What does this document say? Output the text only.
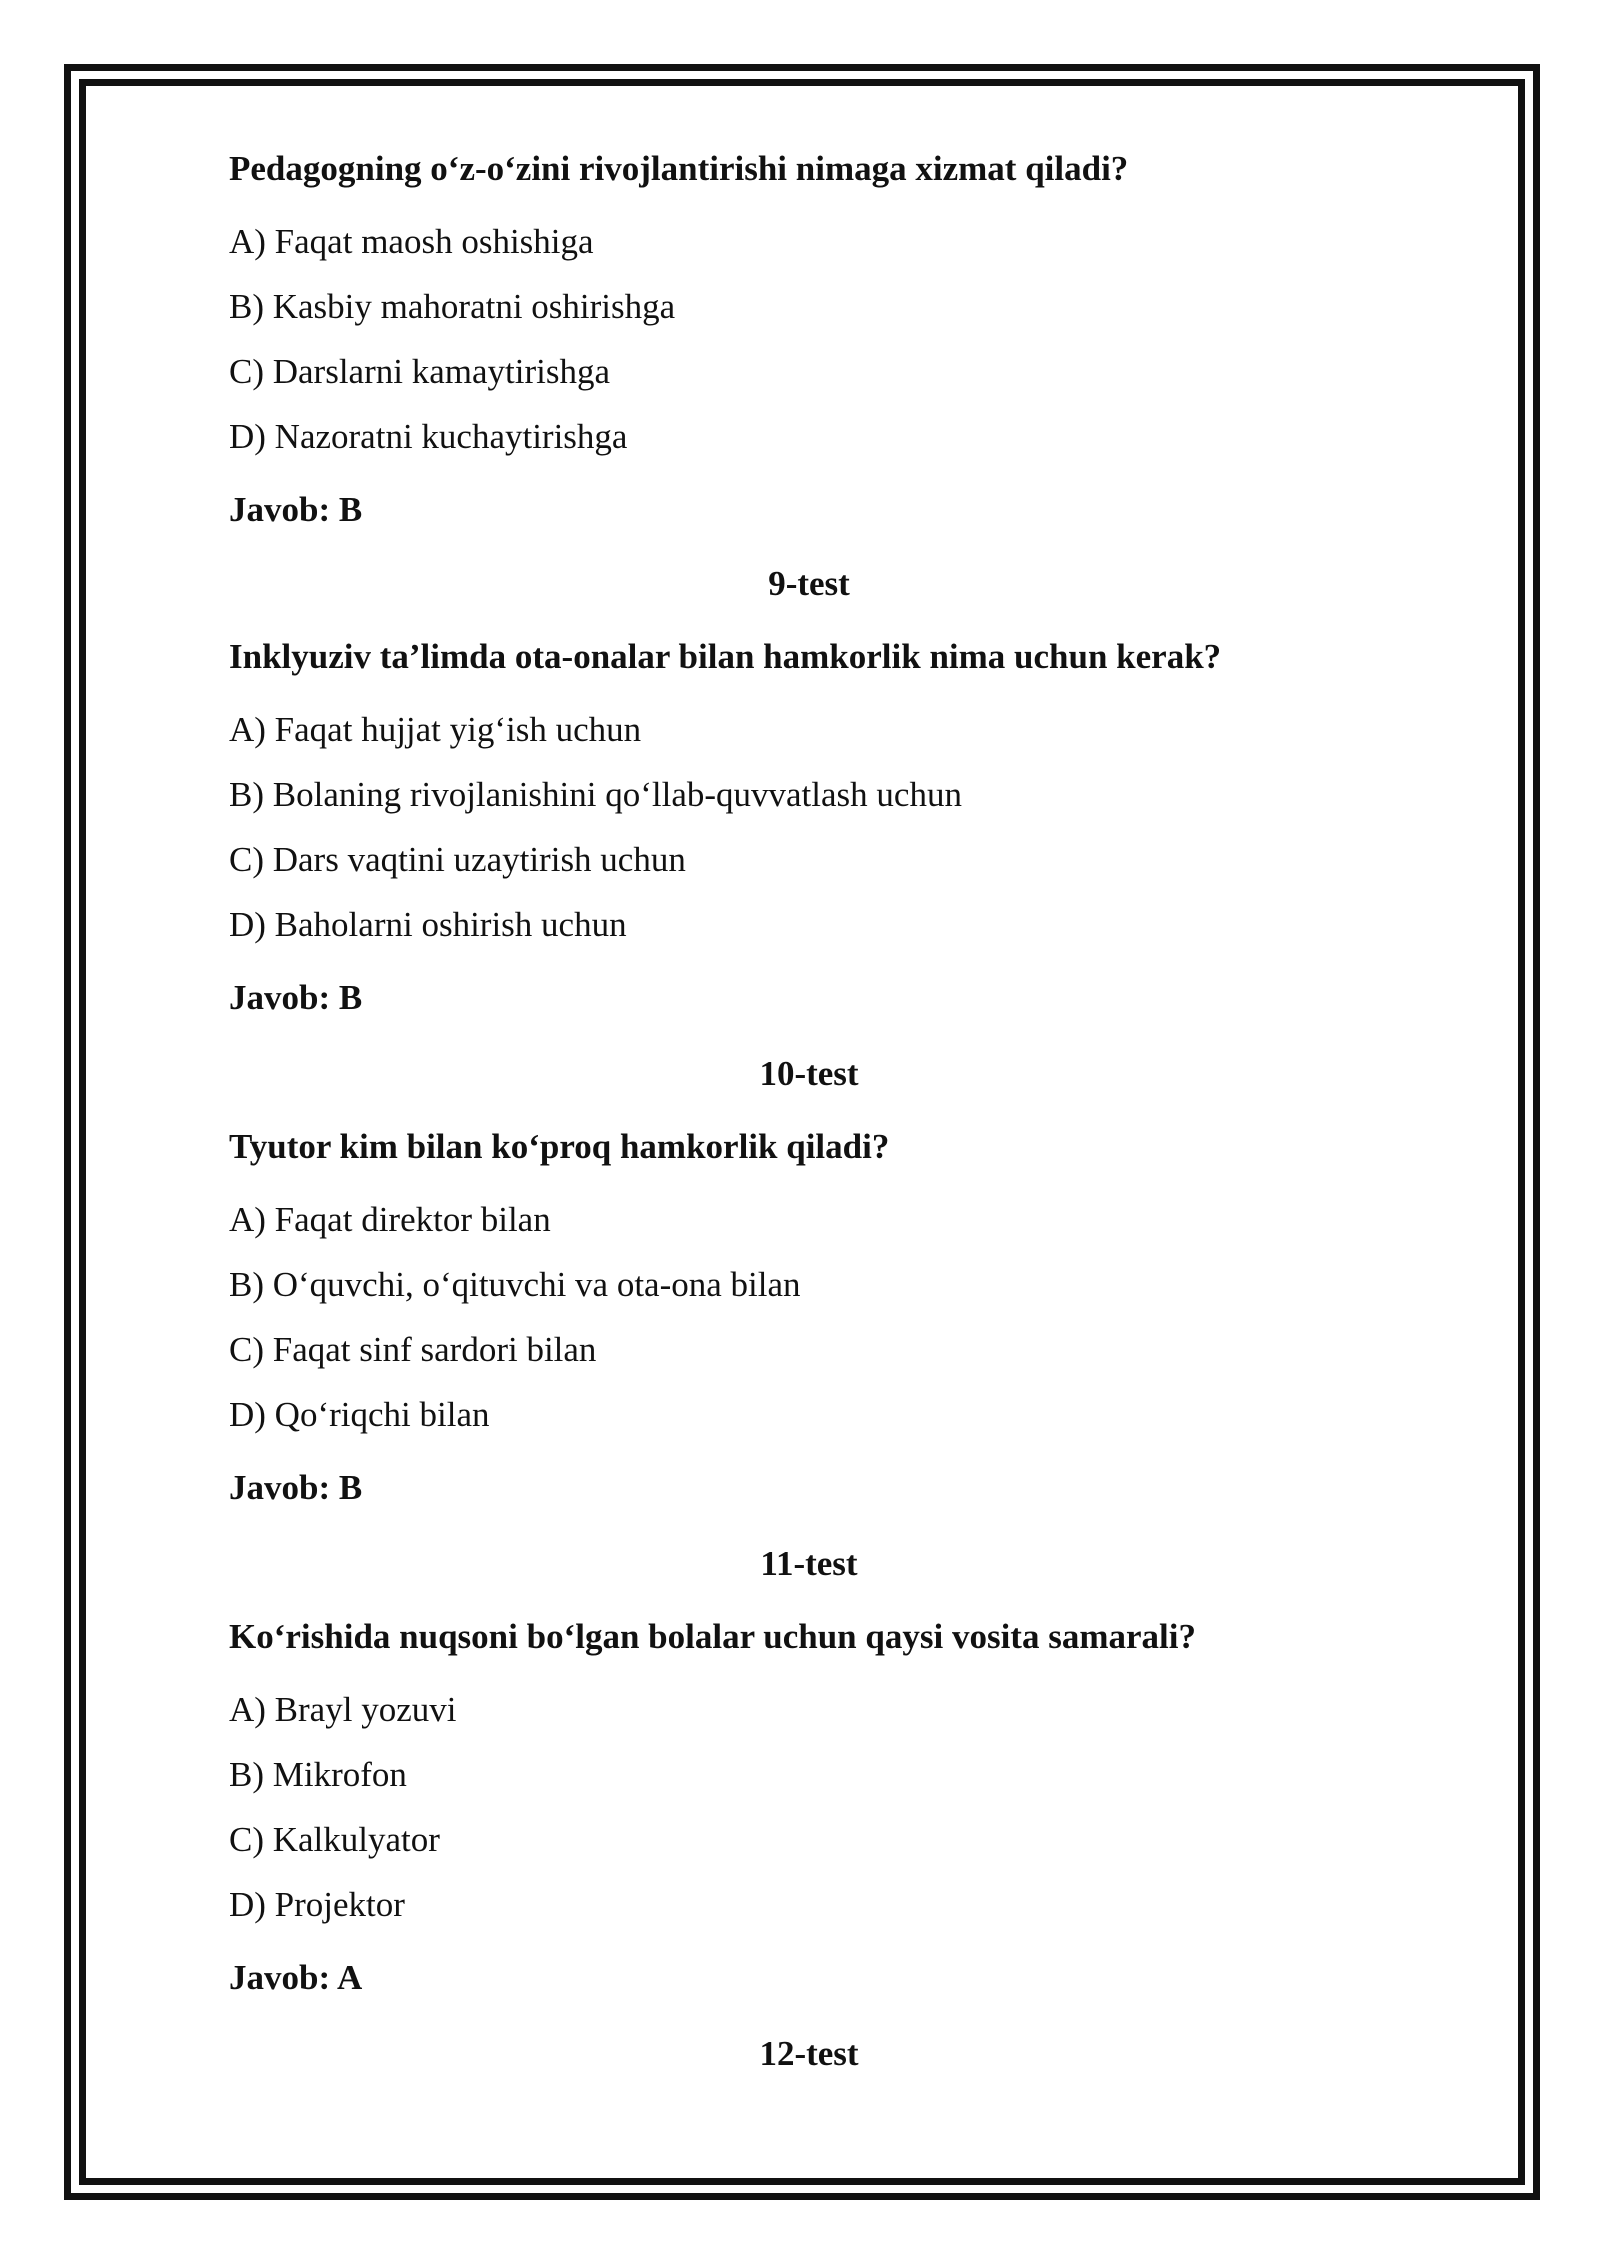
Pedagogning o‘z-o‘zini rivojlantirishi nimaga xizmat qiladi?
A) Faqat maosh oshishiga
B) Kasbiy mahoratni oshirishga
C) Darslarni kamaytirishga
D) Nazoratni kuchaytirishga
Javob: B
9-test
Inklyuziv ta’limda ota-onalar bilan hamkorlik nima uchun kerak?
A) Faqat hujjat yig‘ish uchun
B) Bolaning rivojlanishini qo‘llab-quvvatlash uchun
C) Dars vaqtini uzaytirish uchun
D) Baholarni oshirish uchun
Javob: B
10-test
Tyutor kim bilan ko‘proq hamkorlik qiladi?
A) Faqat direktor bilan
B) O‘quvchi, o‘qituvchi va ota-ona bilan
C) Faqat sinf sardori bilan
D) Qo‘riqchi bilan
Javob: B
11-test
Ko‘rishida nuqsoni bo‘lgan bolalar uchun qaysi vosita samarali?
A) Brayl yozuvi
B) Mikrofon
C) Kalkulyator
D) Projektor
Javob: A
12-test
